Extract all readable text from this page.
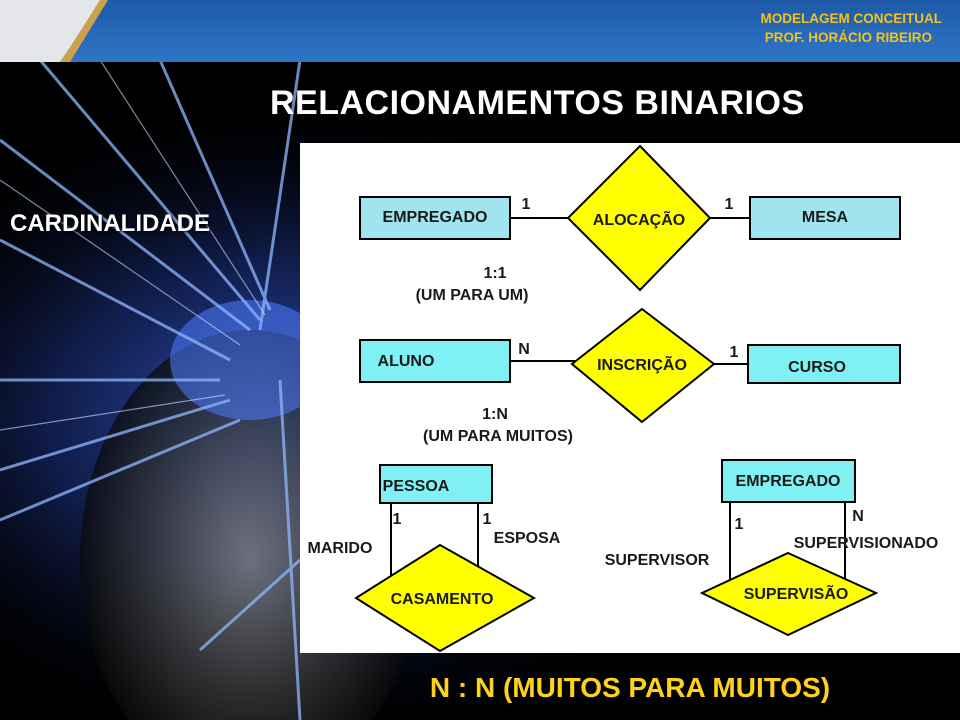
MODELAGEM CONCEITUAL
PROF. HORÁCIO RIBEIRO
RELACIONAMENTOS BINARIOS
CARDINALIDADE	EMPREGADO	ALOCAÇÃO	MESA
1	1
1:1
(UM PARA UM)
ALUNO	INSCRIÇÃO	CURSO
N	1
1:N
(UM PARA MUITOS)
PESSOA
CASAMENTO
1	1
MARIDO
ESPOSA
EMPREGADO
SUPERVISÃO
1	N
SUPERVISOR
SUPERVISIONADO
N : N (MUITOS PARA MUITOS)
